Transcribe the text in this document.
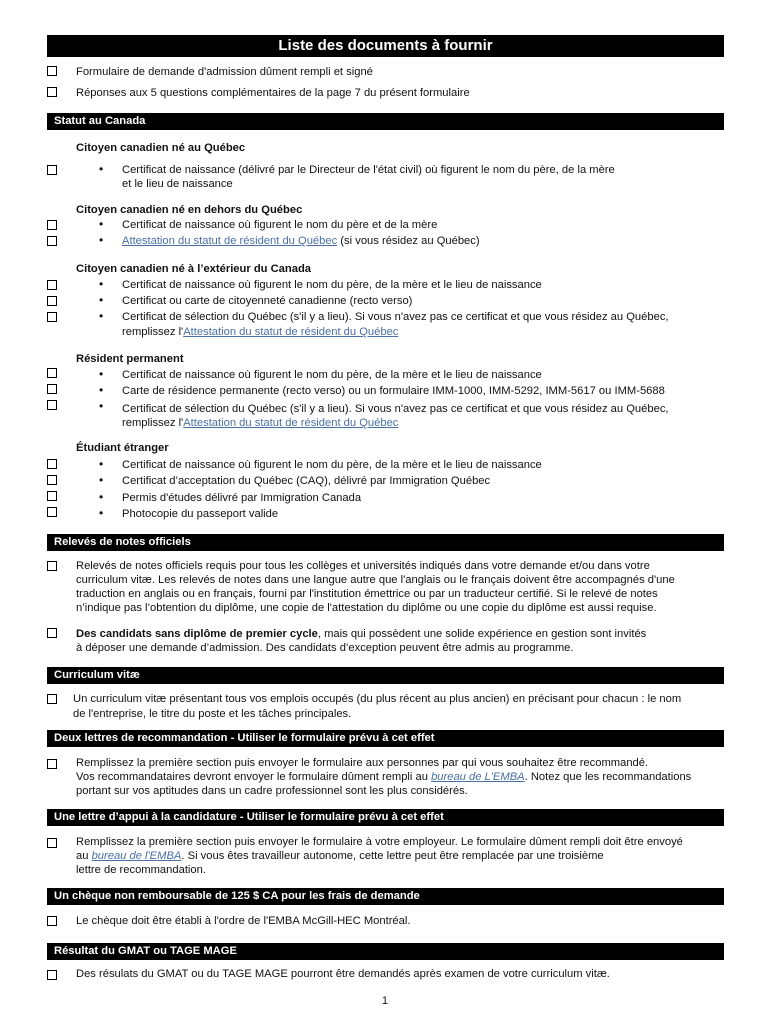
Liste des documents à fournir
Formulaire de demande d'admission dûment rempli et signé
Réponses aux 5 questions complémentaires de la page 7 du présent formulaire
Statut au Canada
Citoyen canadien né au Québec
• Certificat de naissance (délivré par le Directeur de l'état civil) où figurent le nom du père, de la mère
et le lieu de naissance
Citoyen canadien né en dehors du Québec
• Certificat de naissance où figurent le nom du père et de la mère
• Attestation du statut de résident du Québec (si vous résidez au Québec)
Citoyen canadien né à l’extérieur du Canada
• Certificat de naissance où figurent le nom du père, de la mère et le lieu de naissance
• Certificat ou carte de citoyenneté canadienne (recto verso)
• Certificat de sélection du Québec (s'il y a lieu). Si vous n'avez pas ce certificat et que vous résidez au Québec,
remplissez l'Attestation du statut de résident du Québec
Résident permanent
• Certificat de naissance où figurent le nom du père, de la mère et le lieu de naissance
• Carte de résidence permanente (recto verso) ou un formulaire IMM-1000, IMM-5292, IMM-5617 ou IMM-5688
• Certificat de sélection du Québec (s'il y a lieu). Si vous n'avez pas ce certificat et que vous résidez au Québec,
remplissez l'Attestation du statut de résident du Québec
Étudiant étranger
• Certificat de naissance où figurent le nom du père, de la mère et le lieu de naissance
• Certificat d’acceptation du Québec (CAQ), délivré par Immigration Québec
• Permis d'études délivré par Immigration Canada
• Photocopie du passeport valide
Relevés de notes officiels
Relevés de notes officiels requis pour tous les collèges et universités indiqués dans votre demande et/ou dans votre
curriculum vitæ. Les relevés de notes dans une langue autre que l'anglais ou le français doivent être accompagnés d'une
traduction en anglais ou en français, fourni par l'institution émettrice ou par un traducteur certifié. Si le relevé de notes
n’indique pas l’obtention du diplôme, une copie de l'attestation du diplôme ou une copie du diplôme est aussi requise.
Des candidats sans diplôme de premier cycle, mais qui possèdent une solide expérience en gestion sont invités
à déposer une demande d’admission. Des candidats d’exception peuvent être admis au programme.
Curriculum vitæ
Un curriculum vitæ présentant tous vos emplois occupés (du plus récent au plus ancien) en précisant pour chacun : le nom
de l'entreprise, le titre du poste et les tâches principales.
Deux lettres de recommandation - Utiliser le formulaire prévu à cet effet
Remplissez la première section puis envoyer le formulaire aux personnes par qui vous souhaitez être recommandé.
Vos recommandataires devront envoyer le formulaire dûment rempli au bureau de L'EMBA. Notez que les recommandations
portant sur vos aptitudes dans un cadre professionnel sont les plus considérés.
Une lettre d’appui à la candidature - Utiliser le formulaire prévu à cet effet
Remplissez la première section puis envoyer le formulaire à votre employeur. Le formulaire dûment rempli doit être envoyé
au bureau de l'EMBA. Si vous êtes travailleur autonome, cette lettre peut être remplacée par une troisième
lettre de recommandation.
Un chèque non remboursable de 125 $ CA pour les frais de demande
Le chèque doit être établi à l'ordre de l'EMBA McGill-HEC Montréal.
Résultat du GMAT ou TAGE MAGE
Des résulats du GMAT ou du TAGE MAGE pourront être demandés après examen de votre curriculum vitæ.
1
